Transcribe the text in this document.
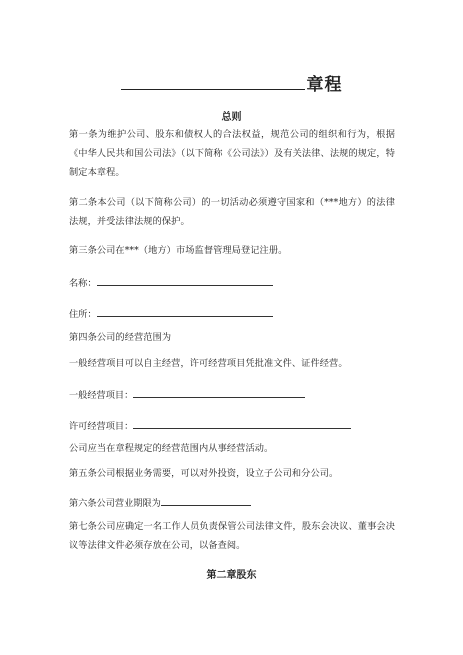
章程
总则
第一条为维护公司、股东和债权人的合法权益，规范公司的组织和行为，根据《中华人民共和国公司法》（以下简称《公司法》）及有关法律、法规的规定，特制定本章程。
第二条本公司（以下简称公司）的一切活动必须遵守国家和（***地方）的法律法规，并受法律法规的保护。
第三条公司在***（地方）市场监督管理局登记注册。
名称：
住所：
第四条公司的经营范围为
一般经营项目可以自主经营，许可经营项目凭批准文件、证件经营。
一般经营项目：
许可经营项目：
公司应当在章程规定的经营范围内从事经营活动。
第五条公司根据业务需要，可以对外投资，设立子公司和分公司。
第六条公司营业期限为
第七条公司应确定一名工作人员负责保管公司法律文件，股东会决议、董事会决议等法律文件必须存放在公司，以备查阅。
第二章股东
